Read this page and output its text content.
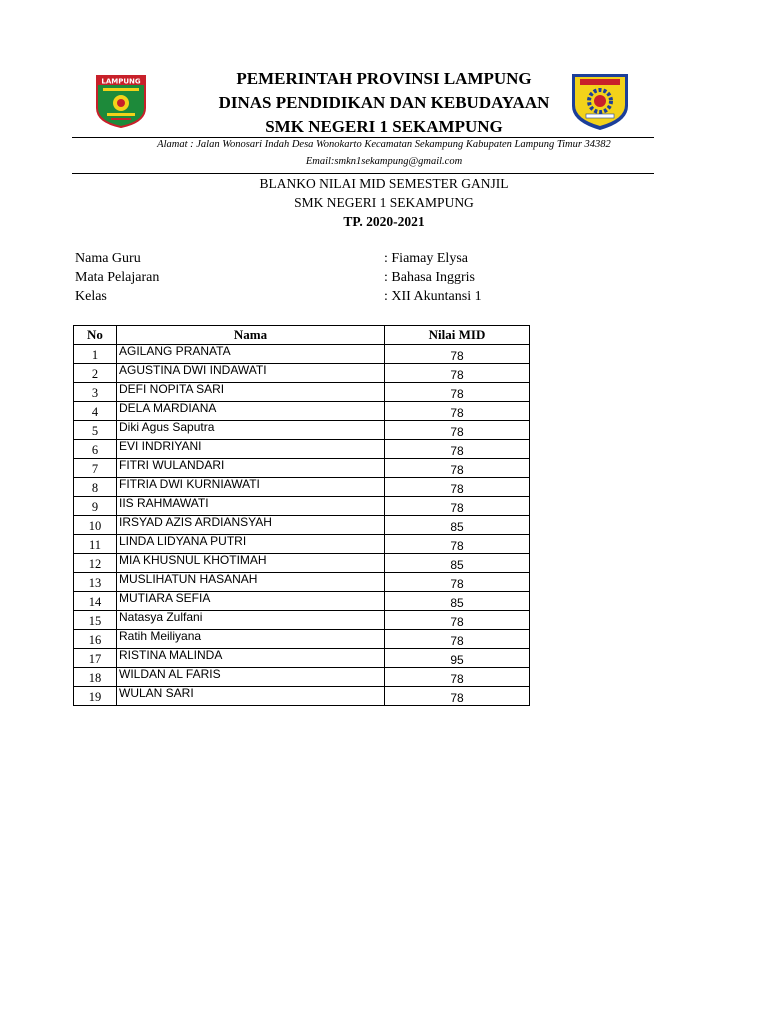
LAMPUNG	PEMERINTAH PROVINSI LAMPUNG
DINAS PENDIDIKAN DAN KEBUDAYAAN
SMK NEGERI 1 SEKAMPUNG
Alamat : Jalan Wonosari Indah Desa Wonokarto Kecamatan Sekampung Kabupaten Lampung Timur 34382
Email:smkn1sekampung@gmail.com
BLANKO NILAI MID SEMESTER GANJIL
SMK NEGERI 1 SEKAMPUNG
TP. 2020-2021
Nama Guru	: Fiamay Elysa
Mata Pelajaran	: Bahasa Inggris
Kelas	: XII Akuntansi 1
No	Nama	Nilai MID
1	AGILANG PRANATA	78
2	AGUSTINA DWI INDAWATI	78
3	DEFI NOPITA SARI	78
4	DELA MARDIANA	78
5	Diki Agus Saputra	78
6	EVI INDRIYANI	78
7	FITRI WULANDARI	78
8	FITRIA DWI KURNIAWATI	78
9	IIS RAHMAWATI	78
10	IRSYAD AZIS ARDIANSYAH	85
11	LINDA LIDYANA PUTRI	78
12	MIA KHUSNUL KHOTIMAH	85
13	MUSLIHATUN HASANAH	78
14	MUTIARA SEFIA	85
15	Natasya Zulfani	78
16	Ratih Meiliyana	78
17	RISTINA MALINDA	95
18	WILDAN AL FARIS	78
19	WULAN SARI	78
